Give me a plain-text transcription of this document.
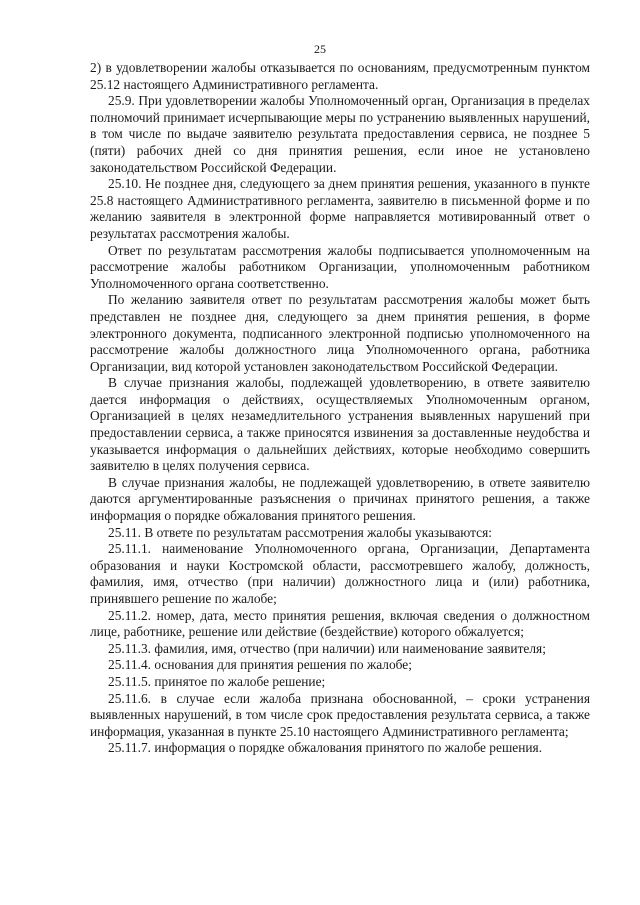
25

2) в удовлетворении жалобы отказывается по основаниям, предусмотренным пунктом 25.12 настоящего Административного регламента.

25.9. При удовлетворении жалобы Уполномоченный орган, Организация в пределах полномочий принимает исчерпывающие меры по устранению выявленных нарушений, в том числе по выдаче заявителю результата предоставления сервиса, не позднее 5 (пяти) рабочих дней со дня принятия решения, если иное не установлено законодательством Российской Федерации.

25.10. Не позднее дня, следующего за днем принятия решения, указанного в пункте 25.8 настоящего Административного регламента, заявителю в письменной форме и по желанию заявителя в электронной форме направляется мотивированный ответ о результатах рассмотрения жалобы.

Ответ по результатам рассмотрения жалобы подписывается уполномоченным на рассмотрение жалобы работником Организации, уполномоченным работником Уполномоченного органа соответственно.

По желанию заявителя ответ по результатам рассмотрения жалобы может быть представлен не позднее дня, следующего за днем принятия решения, в форме электронного документа, подписанного электронной подписью уполномоченного на рассмотрение жалобы должностного лица Уполномоченного органа, работника Организации, вид которой установлен законодательством Российской Федерации.

В случае признания жалобы, подлежащей удовлетворению, в ответе заявителю дается информация о действиях, осуществляемых Уполномоченным органом, Организацией в целях незамедлительного устранения выявленных нарушений при предоставлении сервиса, а также приносятся извинения за доставленные неудобства и указывается информация о дальнейших действиях, которые необходимо совершить заявителю в целях получения сервиса.

В случае признания жалобы, не подлежащей удовлетворению, в ответе заявителю даются аргументированные разъяснения о причинах принятого решения, а также информация о порядке обжалования принятого решения.

25.11. В ответе по результатам рассмотрения жалобы указываются:

25.11.1. наименование Уполномоченного органа, Организации, Департамента образования и науки Костромской области, рассмотревшего жалобу, должность, фамилия, имя, отчество (при наличии) должностного лица и (или) работника, принявшего решение по жалобе;

25.11.2. номер, дата, место принятия решения, включая сведения о должностном лице, работнике, решение или действие (бездействие) которого обжалуется;

25.11.3. фамилия, имя, отчество (при наличии) или наименование заявителя;

25.11.4. основания для принятия решения по жалобе;

25.11.5. принятое по жалобе решение;

25.11.6. в случае если жалоба признана обоснованной, – сроки устранения выявленных нарушений, в том числе срок предоставления результата сервиса, а также информация, указанная в пункте 25.10 настоящего Административного регламента;

25.11.7. информация о порядке обжалования принятого по жалобе решения.
